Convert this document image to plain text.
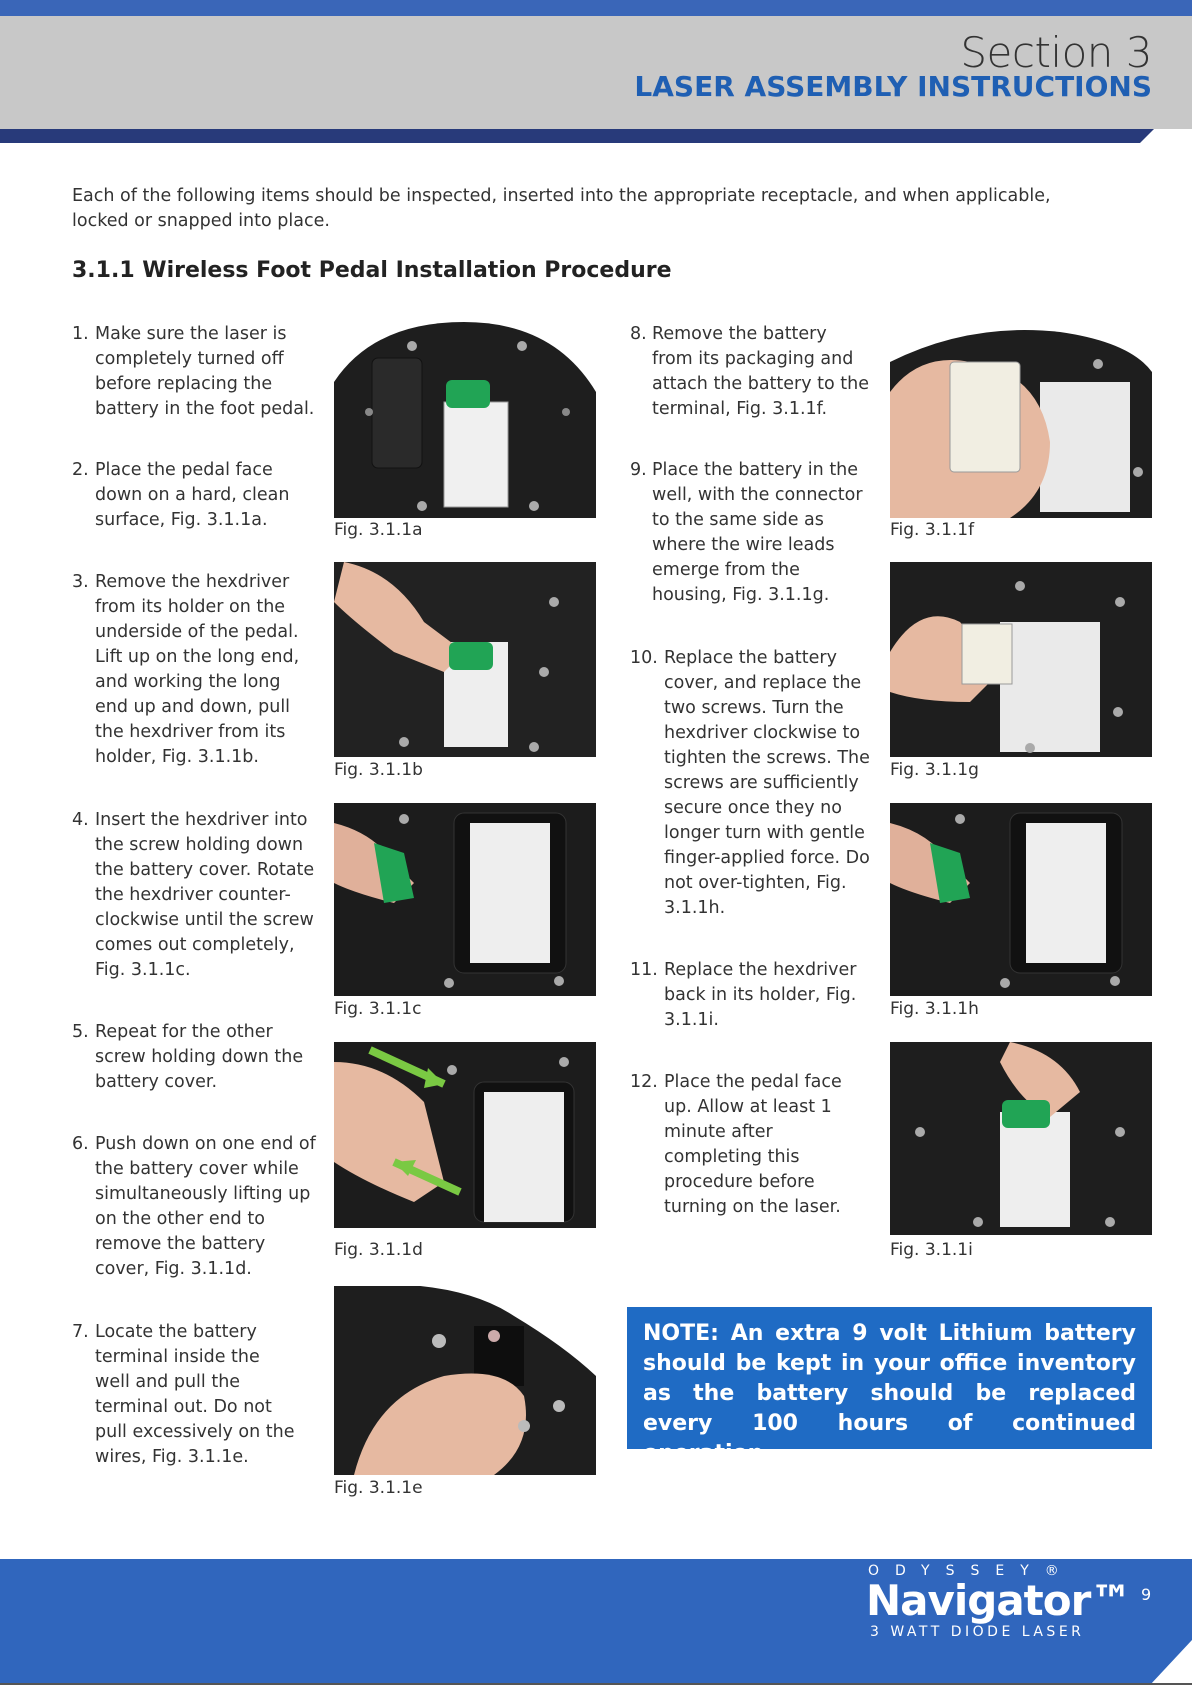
Section 3
LASER ASSEMBLY INSTRUCTIONS
Each of the following items should be inspected, inserted into the appropriate receptacle, and when applicable, locked or snapped into place.
3.1.1 Wireless Foot Pedal Installation Procedure
1. Make sure the laser is completely turned off before replacing the battery in the foot pedal.
2. Place the pedal face down on a hard, clean surface, Fig. 3.1.1a.
3. Remove the hexdriver from its holder on the underside of the pedal. Lift up on the long end, and working the long end up and down, pull the hexdriver from its holder, Fig. 3.1.1b.
4. Insert the hexdriver into the screw holding down the battery cover. Rotate the hexdriver counter-clockwise until the screw comes out completely, Fig. 3.1.1c.
5. Repeat for the other screw holding down the battery cover.
6. Push down on one end of the battery cover while simultaneously lifting up on the other end to remove the battery cover, Fig. 3.1.1d.
7. Locate the battery terminal inside the well and pull the terminal out. Do not pull excessively on the wires, Fig. 3.1.1e.
8. Remove the battery from its packaging and attach the battery to the terminal, Fig. 3.1.1f.
9. Place the battery in the well, with the connector to the same side as where the wire leads emerge from the housing, Fig. 3.1.1g.
10. Replace the battery cover, and replace the two screws. Turn the hexdriver clockwise to tighten the screws. The screws are sufficiently secure once they no longer turn with gentle finger-applied force. Do not over-tighten, Fig. 3.1.1h.
11. Replace the hexdriver back in its holder, Fig. 3.1.1i.
12. Place the pedal face up. Allow at least 1 minute after completing this procedure before turning on the laser.
Fig. 3.1.1a
Fig. 3.1.1b
Fig. 3.1.1c
Fig. 3.1.1d
Fig. 3.1.1e
Fig. 3.1.1f
Fig. 3.1.1g
Fig. 3.1.1h
Fig. 3.1.1i
NOTE: An extra 9 volt Lithium battery should be kept in your office inventory as the battery should be replaced every 100 hours of continued operation.
ODYSSEY®
Navigator™
3 WATT DIODE LASER
9
